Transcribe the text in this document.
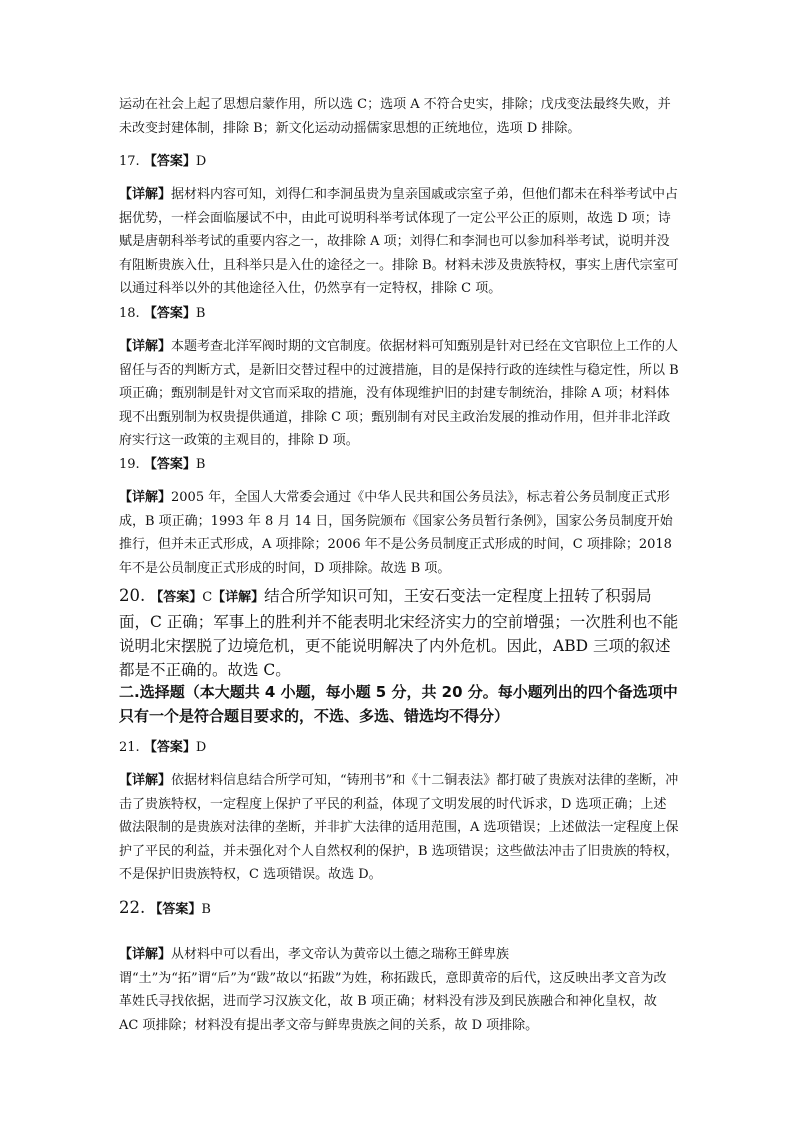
运动在社会上起了思想启蒙作用，所以选 C；选项 A 不符合史实，排除；戊戌变法最终失败，并未改变封建体制，排除 B；新文化运动动摇儒家思想的正统地位，选项 D 排除。

17. 【答案】D

【详解】据材料内容可知，刘得仁和李洞虽贵为皇亲国戚或宗室子弟，但他们都未在科举考试中占据优势，一样会面临屡试不中，由此可说明科举考试体现了一定公平公正的原则，故选 D 项；诗赋是唐朝科举考试的重要内容之一，故排除 A 项；刘得仁和李洞也可以参加科举考试，说明并没有阻断贵族入仕，且科举只是入仕的途径之一。排除 B。材料未涉及贵族特权，事实上唐代宗室可以通过科举以外的其他途径入仕，仍然享有一定特权，排除 C 项。

18. 【答案】B

【详解】本题考查北洋军阀时期的文官制度。依据材料可知甄别是针对已经在文官职位上工作的人留任与否的判断方式，是新旧交替过程中的过渡措施，目的是保持行政的连续性与稳定性，所以 B 项正确；甄别制是针对文官而采取的措施，没有体现维护旧的封建专制统治，排除 A 项；材料体现不出甄别制为权贵提供通道，排除 C 项；甄别制有对民主政治发展的推动作用，但并非北洋政府实行这一政策的主观目的，排除 D 项。

19. 【答案】B

【详解】2005 年，全国人大常委会通过《中华人民共和国公务员法》，标志着公务员制度正式形成，B 项正确；1993 年 8 月 14 日，国务院颁布《国家公务员暂行条例》，国家公务员制度开始推行，但并未正式形成，A 项排除；2006 年不是公务员制度正式形成的时间，C 项排除；2018 年不是公员制度正式形成的时间，D 项排除。故选 B 项。

20. 【答案】C【详解】结合所学知识可知，王安石变法一定程度上扭转了积弱局面，C 正确；军事上的胜利并不能表明北宋经济实力的空前增强；一次胜利也不能说明北宋摆脱了边境危机，更不能说明解决了内外危机。因此，ABD 三项的叙述都是不正确的。故选 C。

二.选择题（本大题共 4 小题，每小题 5 分，共 20 分。每小题列出的四个备选项中只有一个是符合题目要求的，不选、多选、错选均不得分）

21. 【答案】D

【详解】依据材料信息结合所学可知，“铸刑书”和《十二铜表法》都打破了贵族对法律的垄断，冲击了贵族特权，一定程度上保护了平民的利益，体现了文明发展的时代诉求，D 选项正确；上述做法限制的是贵族对法律的垄断，并非扩大法律的适用范围，A 选项错误；上述做法一定程度上保护了平民的利益，并未强化对个人自然权利的保护，B 选项错误；这些做法冲击了旧贵族的特权，不是保护旧贵族特权，C 选项错误。故选 D。

22. 【答案】B

【详解】从材料中可以看出，孝文帝认为黄帝以土德之瑞称王鲜卑族谓“土”为“拓”谓“后”为“跋”故以“拓跋”为姓，称拓跋氏，意即黄帝的后代，这反映出孝文音为改革姓氏寻找依据，进而学习汉族文化，故 B 项正确；材料没有涉及到民族融合和神化皇权，故 AC 项排除；材料没有提出孝文帝与鲜卑贵族之间的关系，故 D 项排除。
